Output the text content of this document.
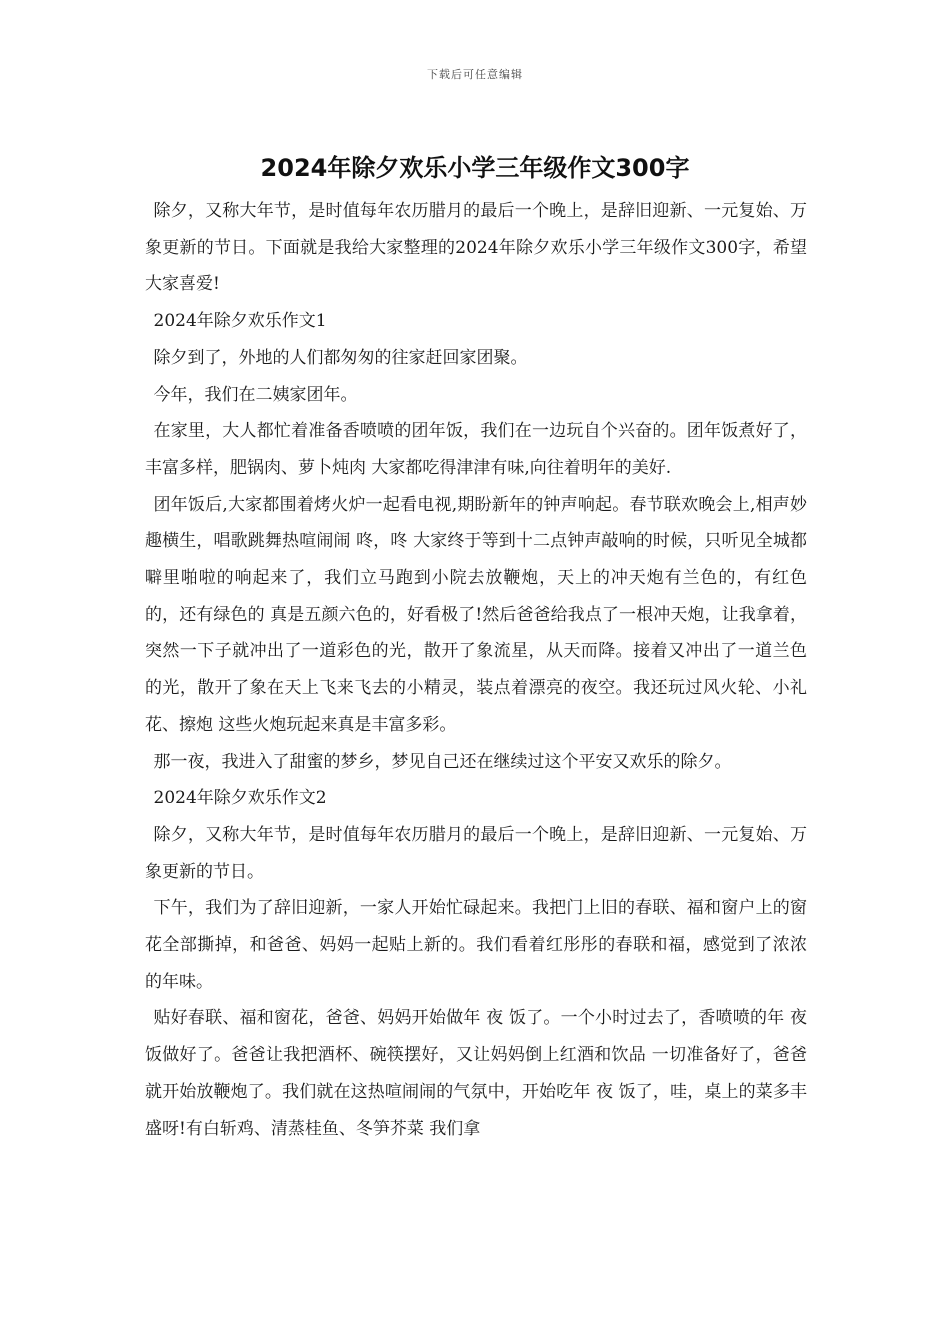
下载后可任意编辑
2024年除夕欢乐小学三年级作文300字

除夕，又称大年节，是时值每年农历腊月的最后一个晚上，是辞旧迎新、一元复始、万象更新的节日。下面就是我给大家整理的2024年除夕欢乐小学三年级作文300字，希望大家喜爱!

2024年除夕欢乐作文1

除夕到了，外地的人们都匆匆的往家赶回家团聚。

今年，我们在二姨家团年。

在家里，大人都忙着准备香喷喷的团年饭，我们在一边玩自个兴奋的。团年饭煮好了，丰富多样，肥锅肉、萝卜炖肉 大家都吃得津津有味,向往着明年的美好.

团年饭后,大家都围着烤火炉一起看电视,期盼新年的钟声响起。春节联欢晚会上,相声妙趣横生，唱歌跳舞热喧闹闹 咚，咚 大家终于等到十二点钟声敲响的时候，只听见全城都噼里啪啦的响起来了，我们立马跑到小院去放鞭炮，天上的冲天炮有兰色的，有红色的，还有绿色的 真是五颜六色的，好看极了!然后爸爸给我点了一根冲天炮，让我拿着，突然一下子就冲出了一道彩色的光，散开了象流星，从天而降。接着又冲出了一道兰色的光，散开了象在天上飞来飞去的小精灵，装点着漂亮的夜空。我还玩过风火轮、小礼花、擦炮 这些火炮玩起来真是丰富多彩。

那一夜，我进入了甜蜜的梦乡，梦见自己还在继续过这个平安又欢乐的除夕。

2024年除夕欢乐作文2

除夕，又称大年节，是时值每年农历腊月的最后一个晚上，是辞旧迎新、一元复始、万象更新的节日。

下午，我们为了辞旧迎新，一家人开始忙碌起来。我把门上旧的春联、福和窗户上的窗花全部撕掉，和爸爸、妈妈一起贴上新的。我们看着红彤彤的春联和福，感觉到了浓浓的年味。

贴好春联、福和窗花，爸爸、妈妈开始做年 夜 饭了。一个小时过去了，香喷喷的年 夜 饭做好了。爸爸让我把酒杯、碗筷摆好，又让妈妈倒上红酒和饮品 一切准备好了，爸爸就开始放鞭炮了。我们就在这热喧闹闹的气氛中，开始吃年 夜 饭了，哇，桌上的菜多丰盛呀!有白斩鸡、清蒸桂鱼、冬笋芥菜 我们拿
